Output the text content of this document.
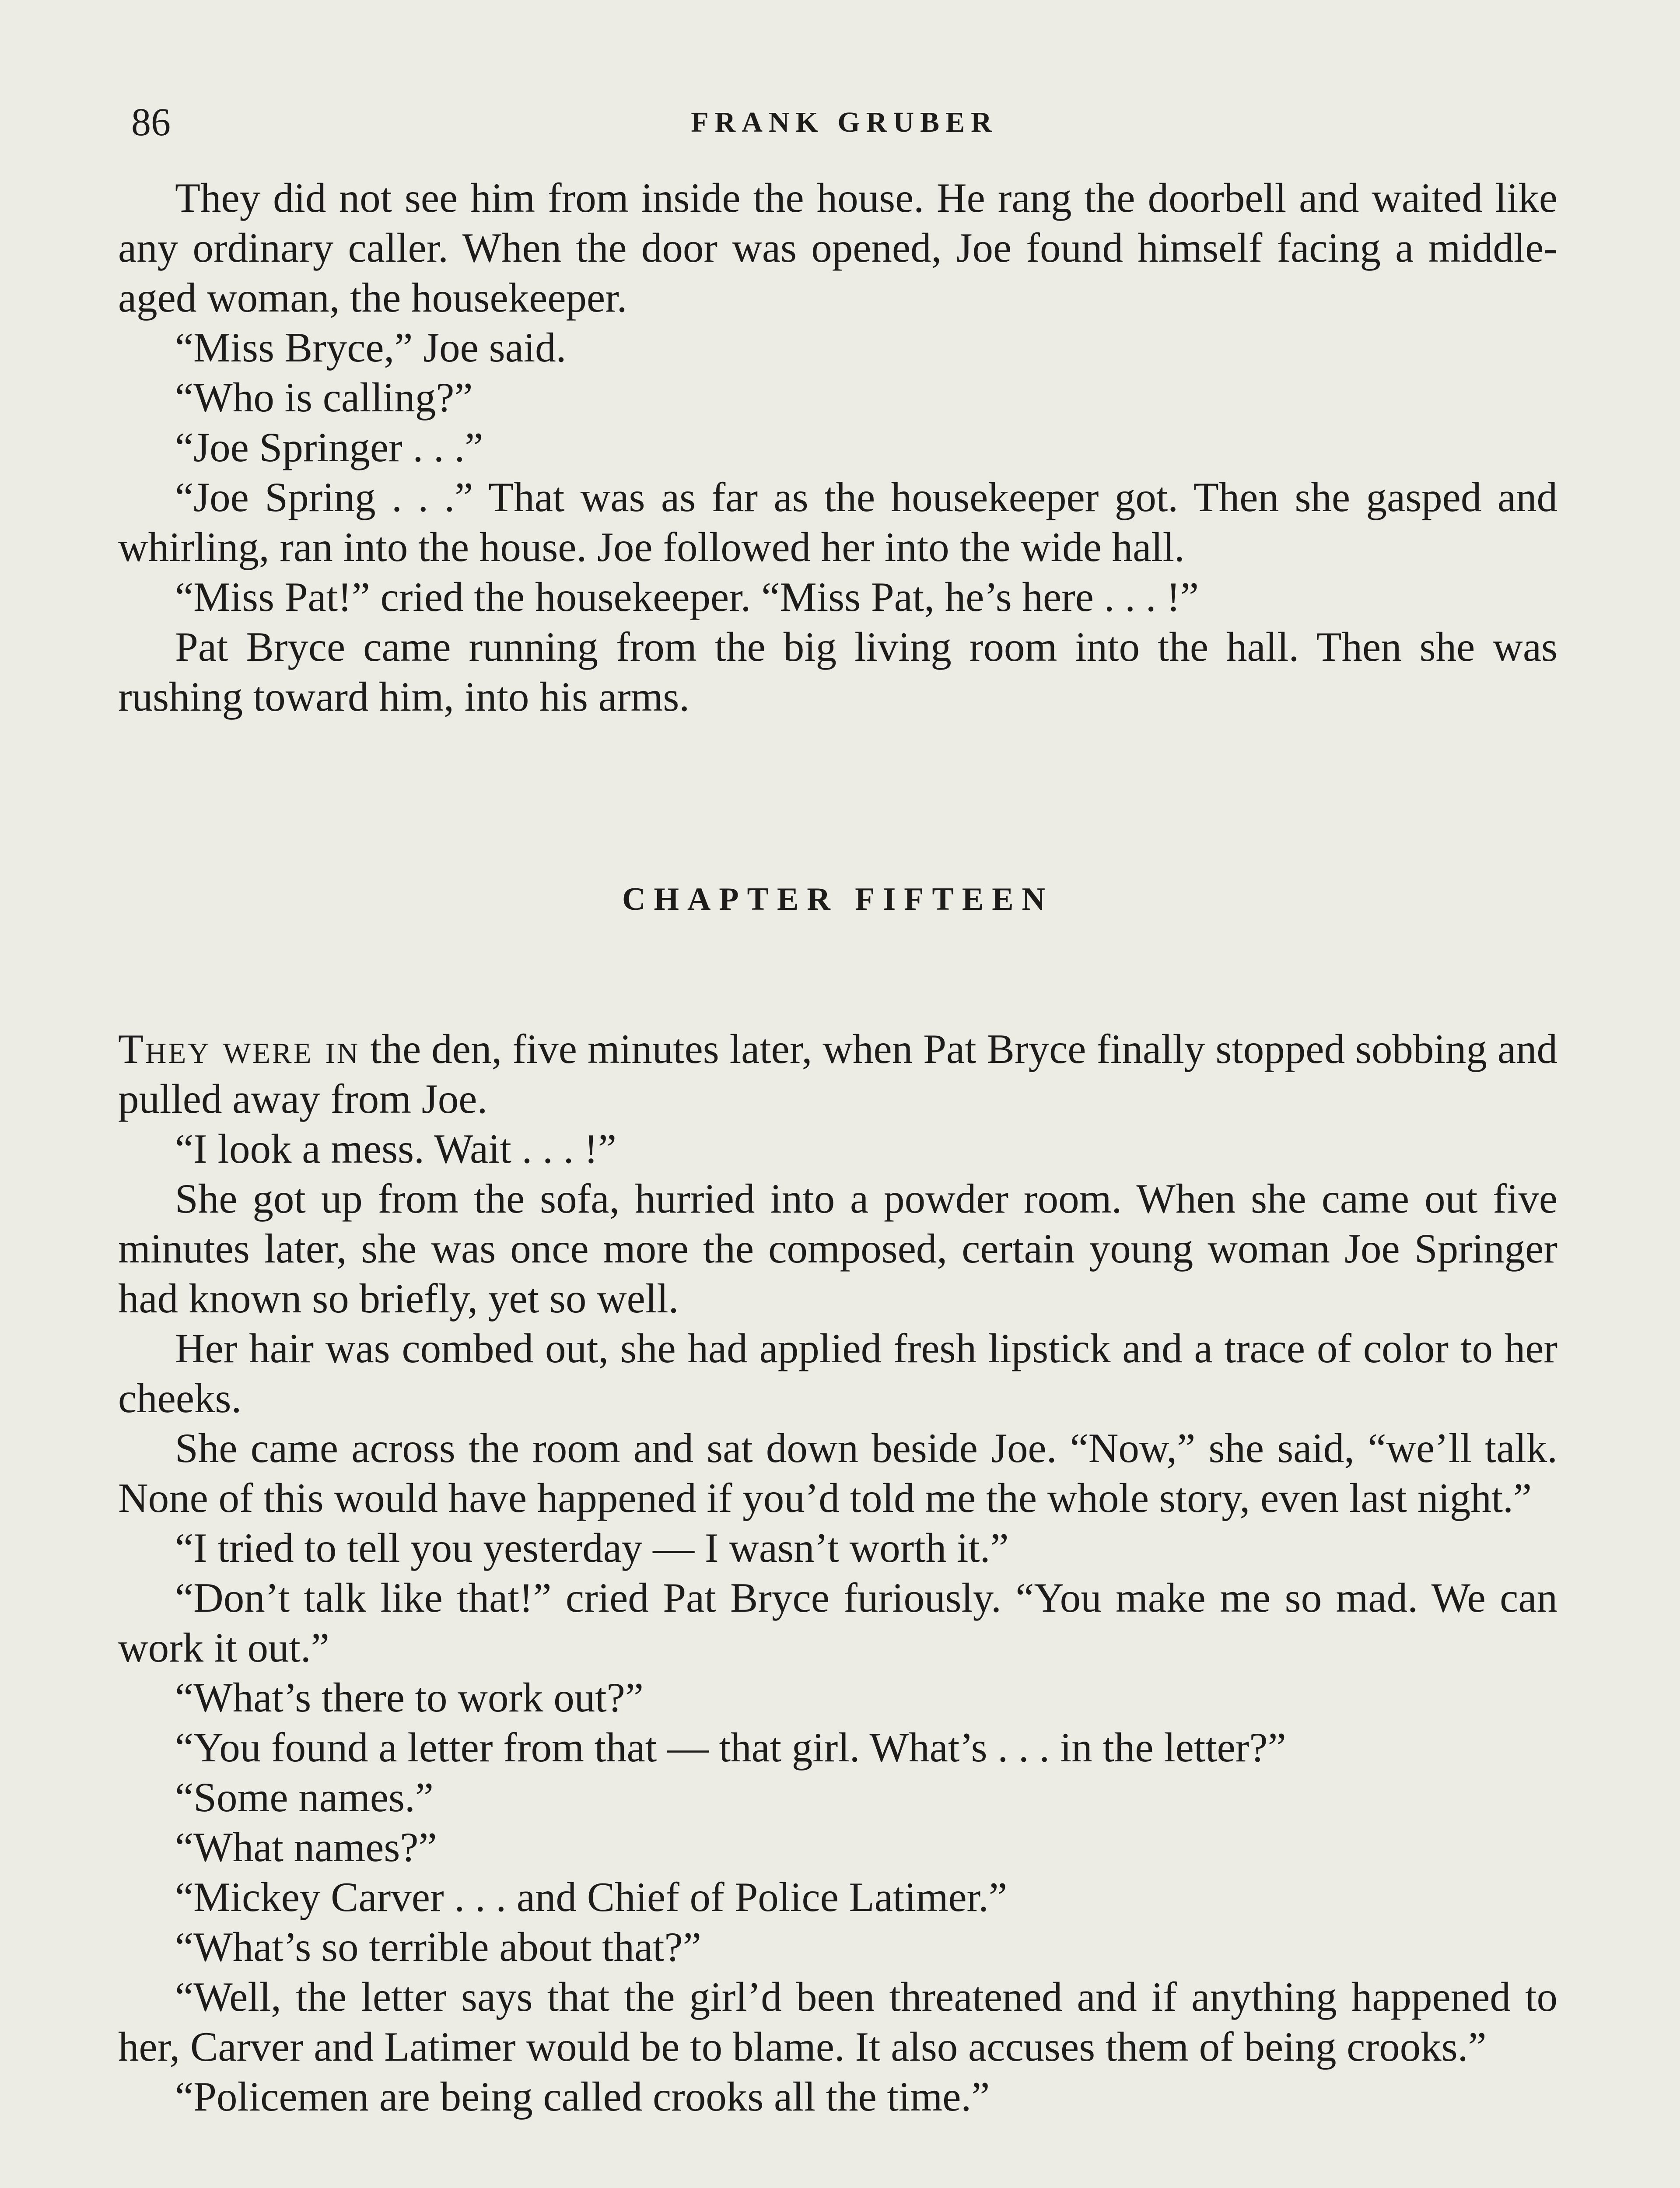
86	FRANK GRUBER

They did not see him from inside the house. He rang the doorbell and waited like any ordinary caller. When the door was opened, Joe found himself facing a middle-aged woman, the housekeeper.

“Miss Bryce,” Joe said.

“Who is calling?”

“Joe Springer . . .”

“Joe Spring . . .” That was as far as the housekeeper got. Then she gasped and whirling, ran into the house. Joe followed her into the wide hall.

“Miss Pat!” cried the housekeeper. “Miss Pat, he’s here . . . !”

Pat Bryce came running from the big living room into the hall. Then she was rushing toward him, into his arms.

CHAPTER FIFTEEN

They were in the den, five minutes later, when Pat Bryce finally stopped sobbing and pulled away from Joe.

“I look a mess. Wait . . . !”

She got up from the sofa, hurried into a powder room. When she came out five minutes later, she was once more the composed, certain young woman Joe Springer had known so briefly, yet so well.

Her hair was combed out, she had applied fresh lipstick and a trace of color to her cheeks.

She came across the room and sat down beside Joe. “Now,” she said, “we’ll talk. None of this would have happened if you’d told me the whole story, even last night.”

“I tried to tell you yesterday — I wasn’t worth it.”

“Don’t talk like that!” cried Pat Bryce furiously. “You make me so mad. We can work it out.”

“What’s there to work out?”

“You found a letter from that — that girl. What’s . . . in the letter?”

“Some names.”

“What names?”

“Mickey Carver . . . and Chief of Police Latimer.”

“What’s so terrible about that?”

“Well, the letter says that the girl’d been threatened and if anything happened to her, Carver and Latimer would be to blame. It also accuses them of being crooks.”

“Policemen are being called crooks all the time.”
